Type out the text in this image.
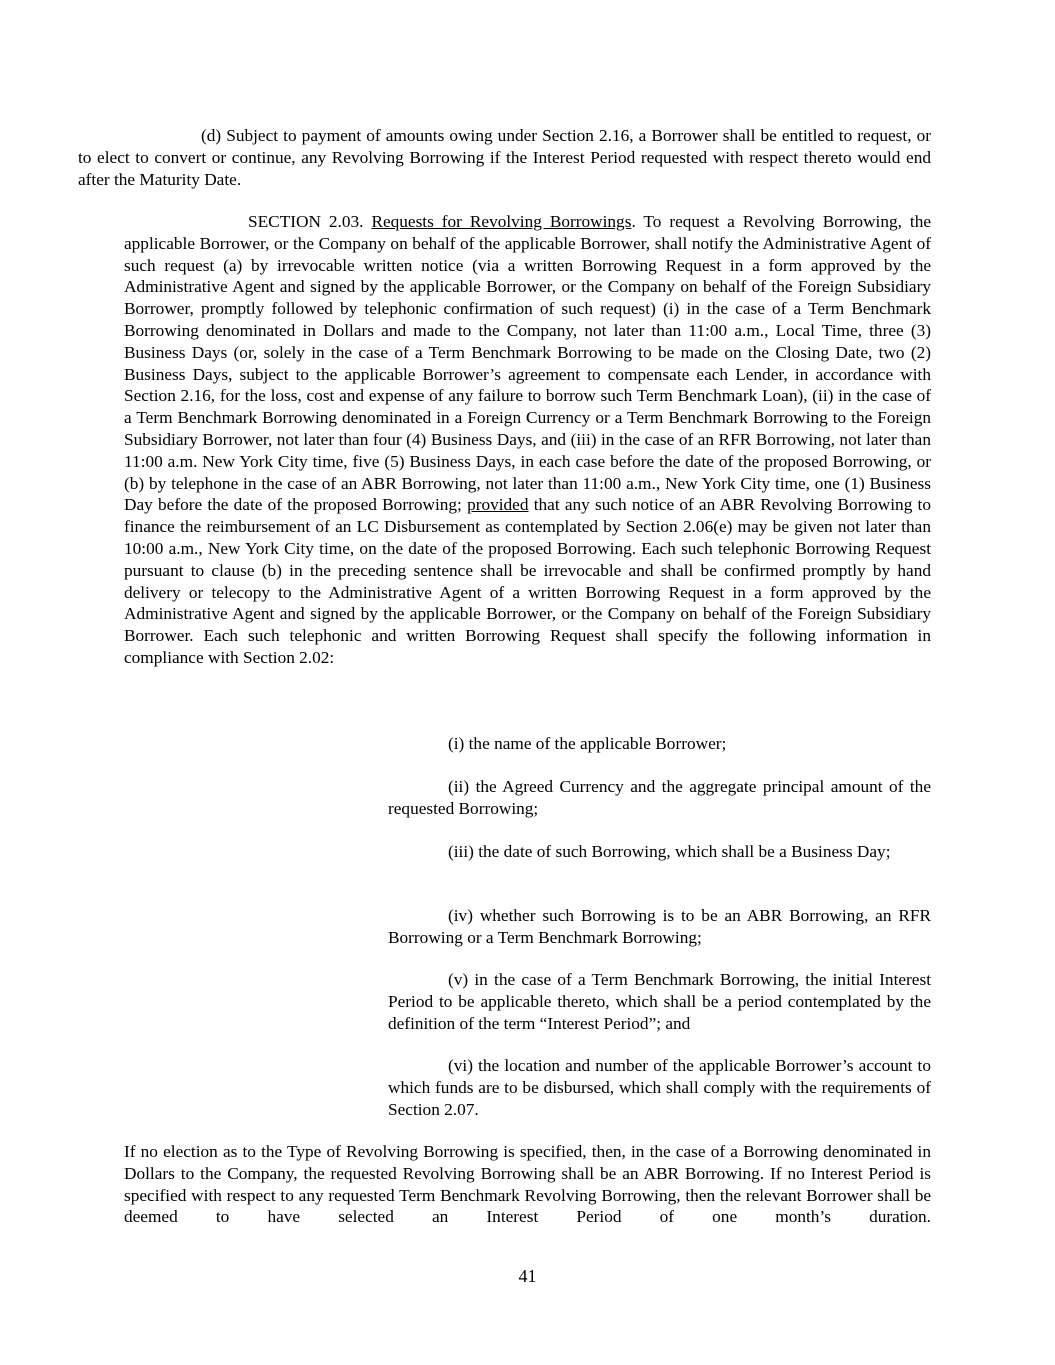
(d) Subject to payment of amounts owing under Section 2.16, a Borrower shall be entitled to request, or to elect to convert or continue, any Revolving Borrowing if the Interest Period requested with respect thereto would end after the Maturity Date.

SECTION 2.03. Requests for Revolving Borrowings. To request a Revolving Borrowing, the applicable Borrower, or the Company on behalf of the applicable Borrower, shall notify the Administrative Agent of such request (a) by irrevocable written notice (via a written Borrowing Request in a form approved by the Administrative Agent and signed by the applicable Borrower, or the Company on behalf of the Foreign Subsidiary Borrower, promptly followed by telephonic confirmation of such request) (i) in the case of a Term Benchmark Borrowing denominated in Dollars and made to the Company, not later than 11:00 a.m., Local Time, three (3) Business Days (or, solely in the case of a Term Benchmark Borrowing to be made on the Closing Date, two (2) Business Days, subject to the applicable Borrower’s agreement to compensate each Lender, in accordance with Section 2.16, for the loss, cost and expense of any failure to borrow such Term Benchmark Loan), (ii) in the case of a Term Benchmark Borrowing denominated in a Foreign Currency or a Term Benchmark Borrowing to the Foreign Subsidiary Borrower, not later than four (4) Business Days, and (iii) in the case of an RFR Borrowing, not later than 11:00 a.m. New York City time, five (5) Business Days, in each case before the date of the proposed Borrowing, or (b) by telephone in the case of an ABR Borrowing, not later than 11:00 a.m., New York City time, one (1) Business Day before the date of the proposed Borrowing; provided that any such notice of an ABR Revolving Borrowing to finance the reimbursement of an LC Disbursement as contemplated by Section 2.06(e) may be given not later than 10:00 a.m., New York City time, on the date of the proposed Borrowing. Each such telephonic Borrowing Request pursuant to clause (b) in the preceding sentence shall be irrevocable and shall be confirmed promptly by hand delivery or telecopy to the Administrative Agent of a written Borrowing Request in a form approved by the Administrative Agent and signed by the applicable Borrower, or the Company on behalf of the Foreign Subsidiary Borrower. Each such telephonic and written Borrowing Request shall specify the following information in compliance with Section 2.02:

(i) the name of the applicable Borrower;

(ii) the Agreed Currency and the aggregate principal amount of the requested Borrowing;

(iii) the date of such Borrowing, which shall be a Business Day;

(iv) whether such Borrowing is to be an ABR Borrowing, an RFR Borrowing or a Term Benchmark Borrowing;

(v) in the case of a Term Benchmark Borrowing, the initial Interest Period to be applicable thereto, which shall be a period contemplated by the definition of the term “Interest Period”; and

(vi) the location and number of the applicable Borrower’s account to which funds are to be disbursed, which shall comply with the requirements of Section 2.07.

If no election as to the Type of Revolving Borrowing is specified, then, in the case of a Borrowing denominated in Dollars to the Company, the requested Revolving Borrowing shall be an ABR Borrowing. If no Interest Period is specified with respect to any requested Term Benchmark Revolving Borrowing, then the relevant Borrower shall be deemed to have selected an Interest Period of one month’s duration.

41
